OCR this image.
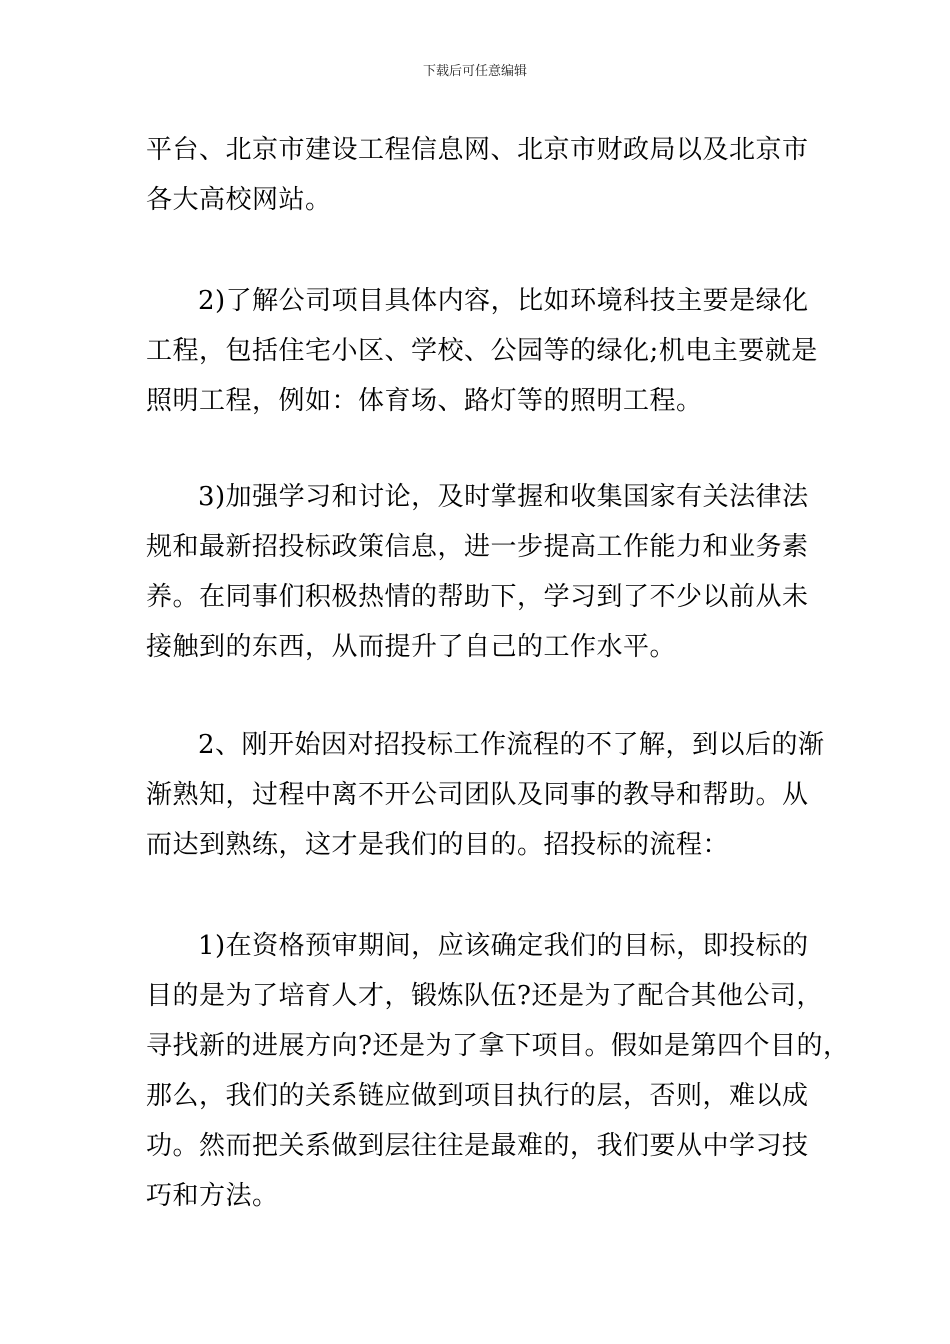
下载后可任意编辑
平台、北京市建设工程信息网、北京市财政局以及北京市
各大高校网站。
2)了解公司项目具体内容，比如环境科技主要是绿化
工程，包括住宅小区、学校、公园等的绿化;机电主要就是
照明工程，例如：体育场、路灯等的照明工程。
3)加强学习和讨论，及时掌握和收集国家有关法律法
规和最新招投标政策信息，进一步提高工作能力和业务素
养。在同事们积极热情的帮助下，学习到了不少以前从未
接触到的东西，从而提升了自己的工作水平。
2、刚开始因对招投标工作流程的不了解，到以后的渐
渐熟知，过程中离不开公司团队及同事的教导和帮助。从
而达到熟练，这才是我们的目的。招投标的流程：
1)在资格预审期间，应该确定我们的目标，即投标的
目的是为了培育人才，锻炼队伍?还是为了配合其他公司，
寻找新的进展方向?还是为了拿下项目。假如是第四个目的，
那么，我们的关系链应做到项目执行的层，否则，难以成
功。然而把关系做到层往往是最难的，我们要从中学习技
巧和方法。
